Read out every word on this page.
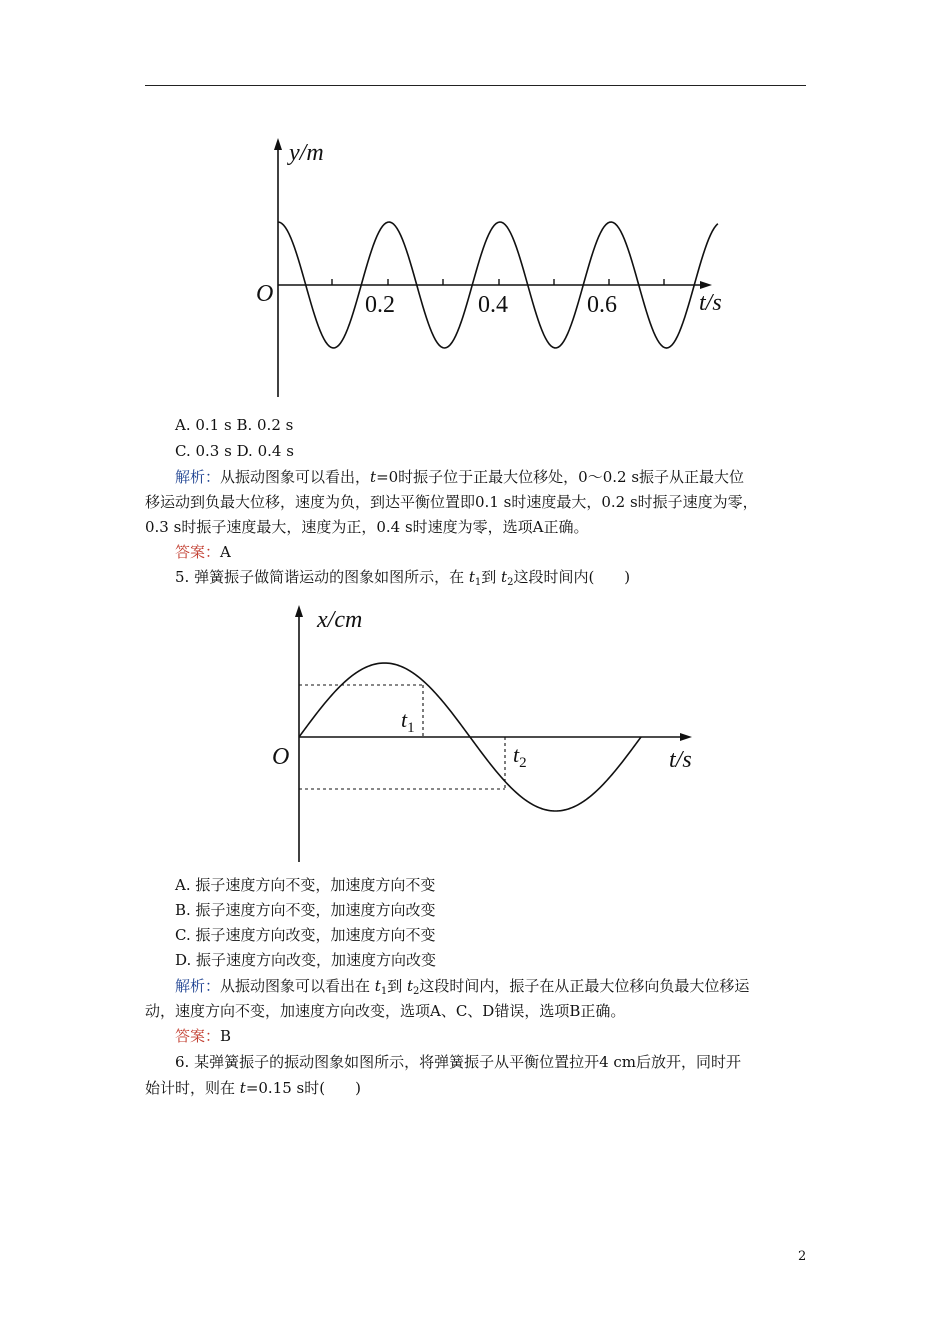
y/m
O	0.2	0.4	0.6	t/s
A. 0.1 s B. 0.2 s
C. 0.3 s D. 0.4 s
解析：从振动图象可以看出，t=0时振子位于正最大位移处，0～0.2 s振子从正最大位
移运动到负最大位移，速度为负，到达平衡位置即0.1 s时速度最大，0.2 s时振子速度为零，
0.3 s时振子速度最大，速度为正，0.4 s时速度为零，选项A正确。
答案：A
5. 弹簧振子做简谐运动的图象如图所示，在 $t_1$到 $t_2$这段时间内(　　)
x/cm
O
$t_1$
$t_2$	t/s
A. 振子速度方向不变，加速度方向不变
B. 振子速度方向不变，加速度方向改变
C. 振子速度方向改变，加速度方向不变
D. 振子速度方向改变，加速度方向改变
解析：从振动图象可以看出在 $t_1$到 $t_2$这段时间内，振子在从正最大位移向负最大位移运
动，速度方向不变，加速度方向改变，选项A、C、D错误，选项B正确。
答案：B
6. 某弹簧振子的振动图象如图所示，将弹簧振子从平衡位置拉开4 cm后放开，同时开
始计时，则在 t=0.15 s时(　　)
2
